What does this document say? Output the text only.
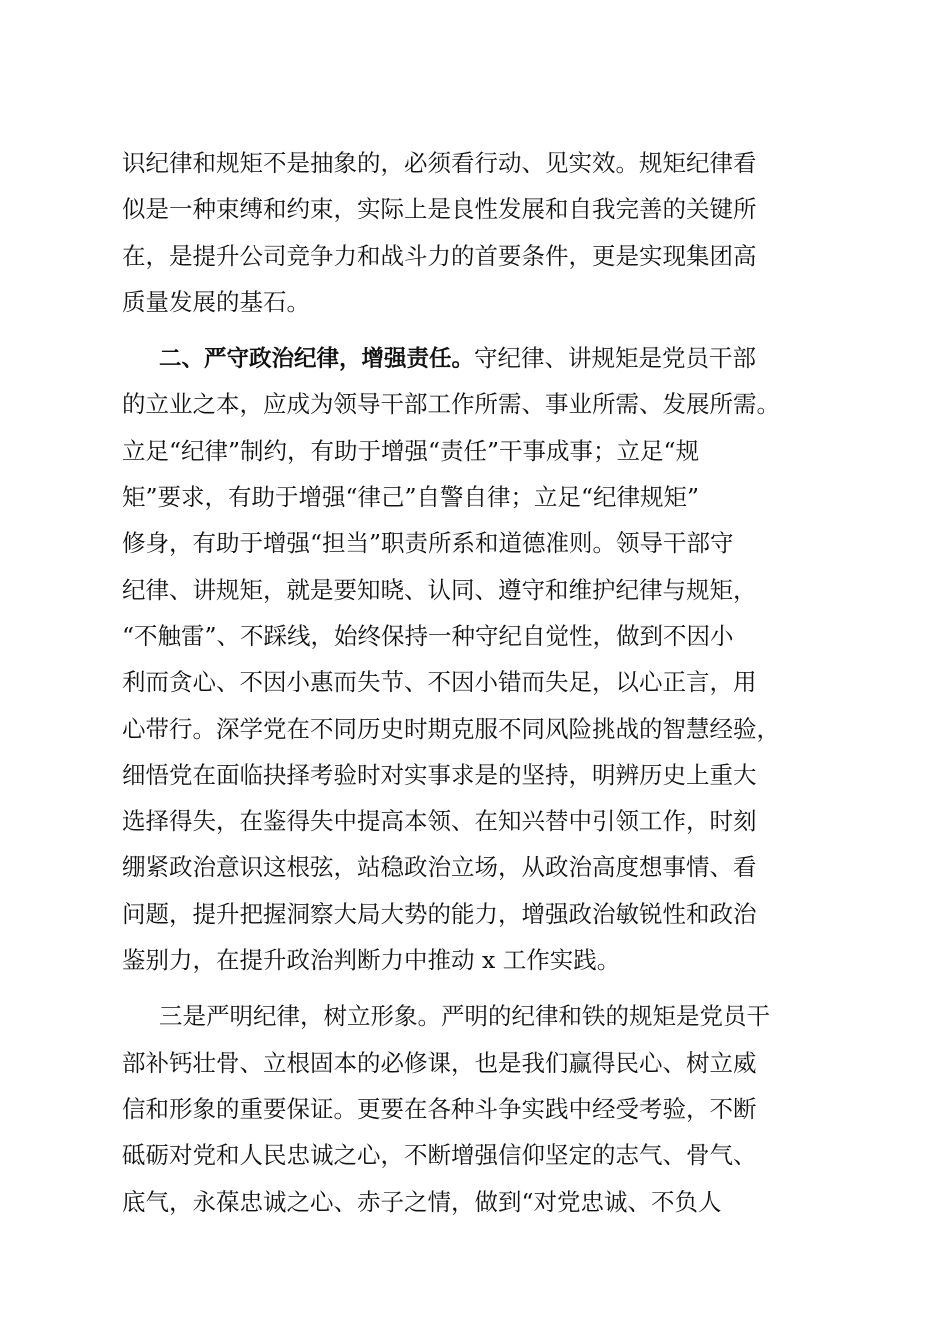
识纪律和规矩不是抽象的，必须看行动、见实效。规矩纪律看
似是一种束缚和约束，实际上是良性发展和自我完善的关键所
在，是提升公司竞争力和战斗力的首要条件，更是实现集团高
质量发展的基石。
二、严守政治纪律，增强责任。守纪律、讲规矩是党员干部
的立业之本，应成为领导干部工作所需、事业所需、发展所需。
立足“纪律”制约，有助于增强“责任”干事成事；立足“规
矩”要求，有助于增强“律己”自警自律；立足“纪律规矩”
修身，有助于增强“担当”职责所系和道德准则。领导干部守
纪律、讲规矩，就是要知晓、认同、遵守和维护纪律与规矩，
“不触雷”、不踩线，始终保持一种守纪自觉性，做到不因小
利而贪心、不因小惠而失节、不因小错而失足，以心正言，用
心带行。深学党在不同历史时期克服不同风险挑战的智慧经验，
细悟党在面临抉择考验时对实事求是的坚持，明辨历史上重大
选择得失，在鉴得失中提高本领、在知兴替中引领工作，时刻
绷紧政治意识这根弦，站稳政治立场，从政治高度想事情、看
问题，提升把握洞察大局大势的能力，增强政治敏锐性和政治
鉴别力，在提升政治判断力中推动 x 工作实践。
三是严明纪律，树立形象。严明的纪律和铁的规矩是党员干
部补钙壮骨、立根固本的必修课，也是我们赢得民心、树立威
信和形象的重要保证。更要在各种斗争实践中经受考验，不断
砥砺对党和人民忠诚之心，不断增强信仰坚定的志气、骨气、
底气，永葆忠诚之心、赤子之情，做到“对党忠诚、不负人
